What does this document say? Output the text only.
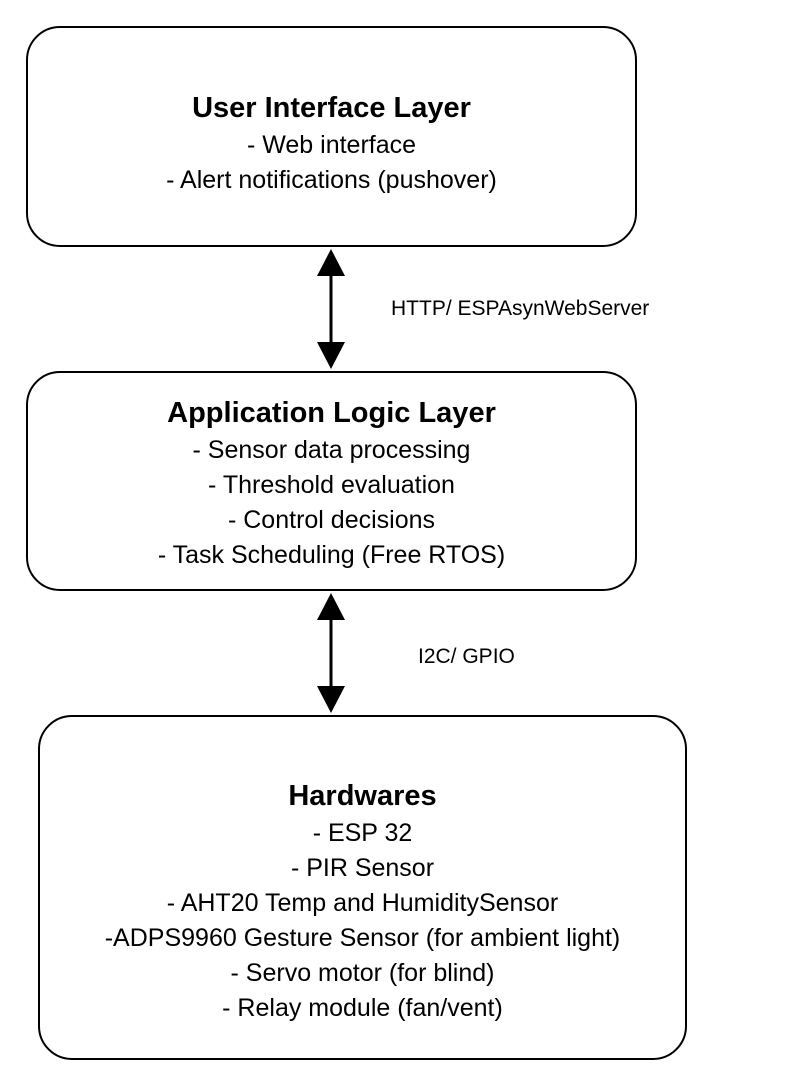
User Interface Layer
- Web interface
- Alert notifications (pushover)
HTTP/ ESPAsynWebServer
Application Logic Layer
- Sensor data processing
- Threshold evaluation
- Control decisions
- Task Scheduling (Free RTOS)
I2C/ GPIO
Hardwares
- ESP 32
- PIR Sensor
- AHT20 Temp and HumiditySensor
-ADPS9960 Gesture Sensor (for ambient light)
- Servo motor (for blind)
- Relay module (fan/vent)
